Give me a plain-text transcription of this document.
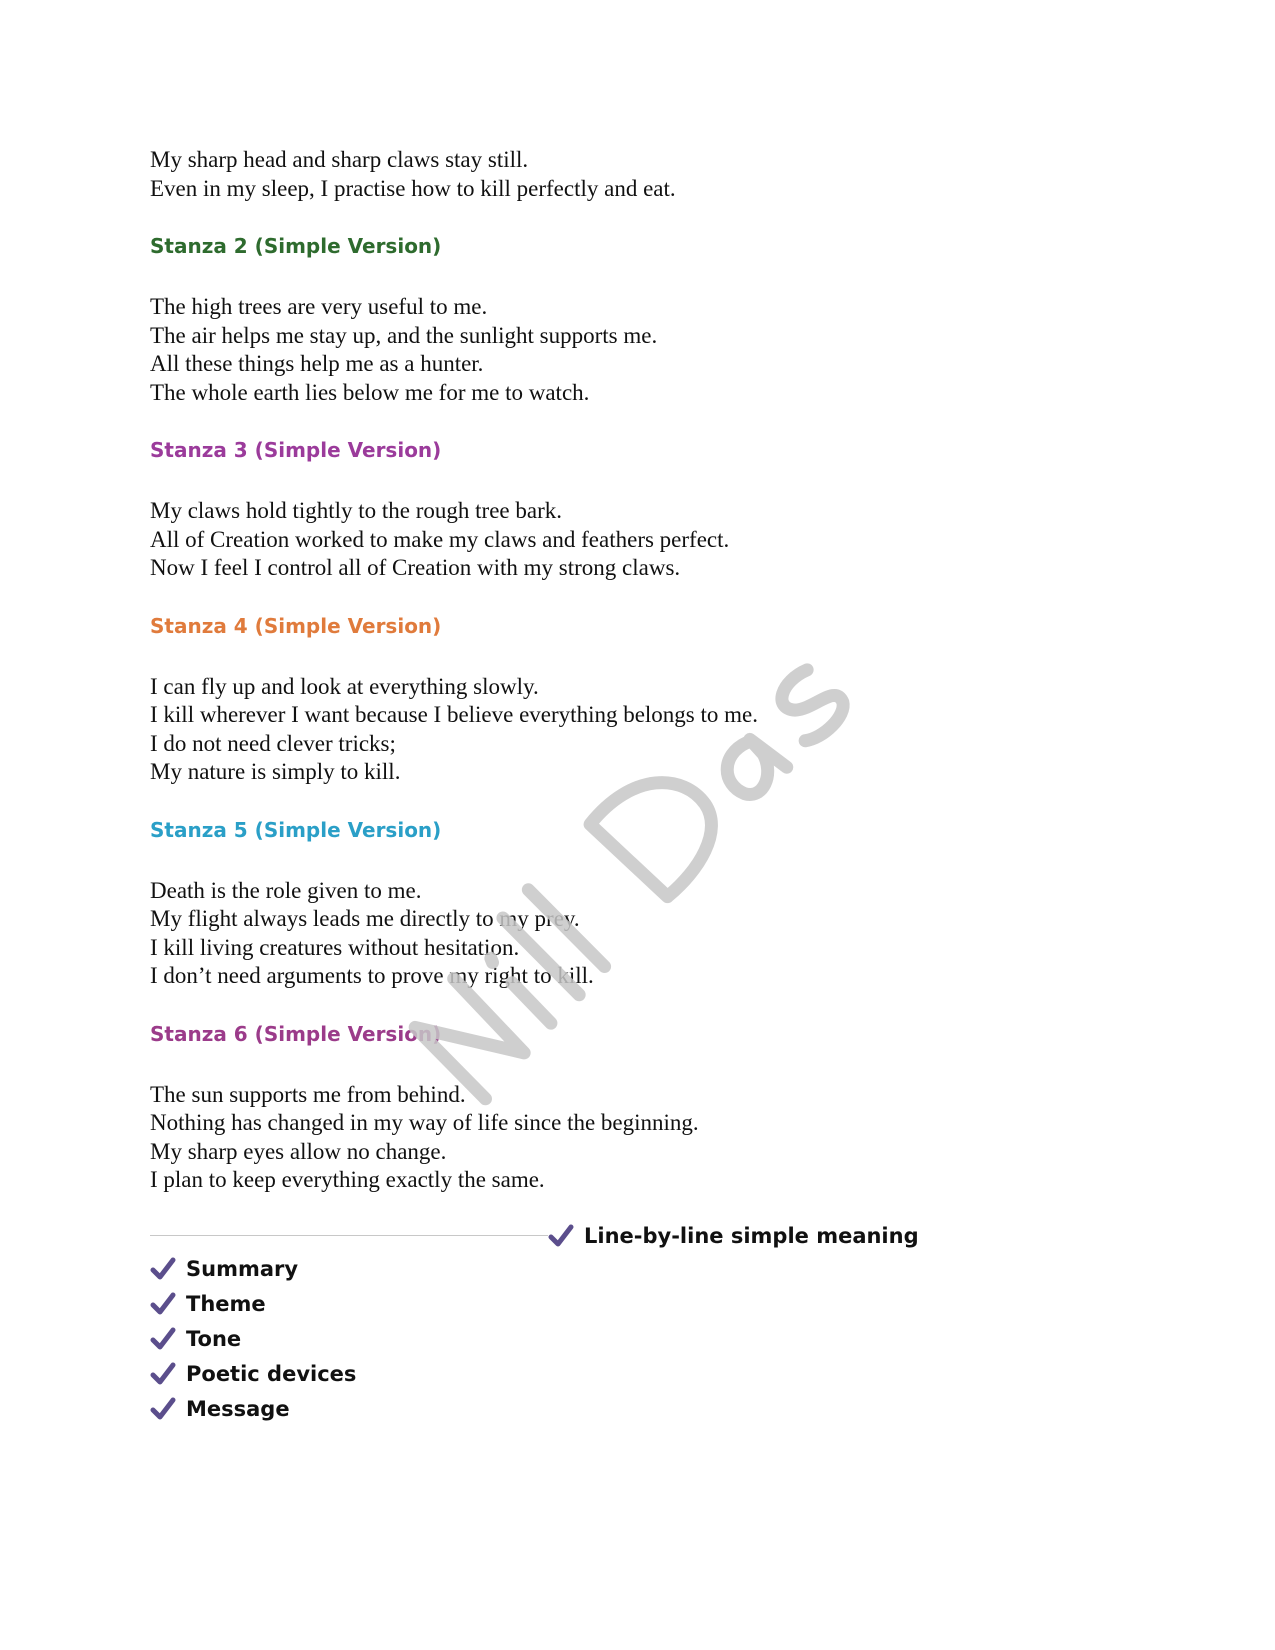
My sharp head and sharp claws stay still.

Even in my sleep, I practise how to kill perfectly and eat.

Stanza 2 (Simple Version)

The high trees are very useful to me.

The air helps me stay up, and the sunlight supports me.

All these things help me as a hunter.

The whole earth lies below me for me to watch.

Stanza 3 (Simple Version)

My claws hold tightly to the rough tree bark.

All of Creation worked to make my claws and feathers perfect.

Now I feel I control all of Creation with my strong claws.

Stanza 4 (Simple Version)

I can fly up and look at everything slowly.

I kill wherever I want because I believe everything belongs to me.

I do not need clever tricks;

My nature is simply to kill.

Stanza 5 (Simple Version)

Death is the role given to me.

My flight always leads me directly to my prey.

I kill living creatures without hesitation.

I don’t need arguments to prove my right to kill.

Stanza 6 (Simple Version)

The sun supports me from behind.

Nothing has changed in my way of life since the beginning.

My sharp eyes allow no change.

I plan to keep everything exactly the same.

Line-by-line simple meaning
Summary
Theme
Tone
Poetic devices
Message
